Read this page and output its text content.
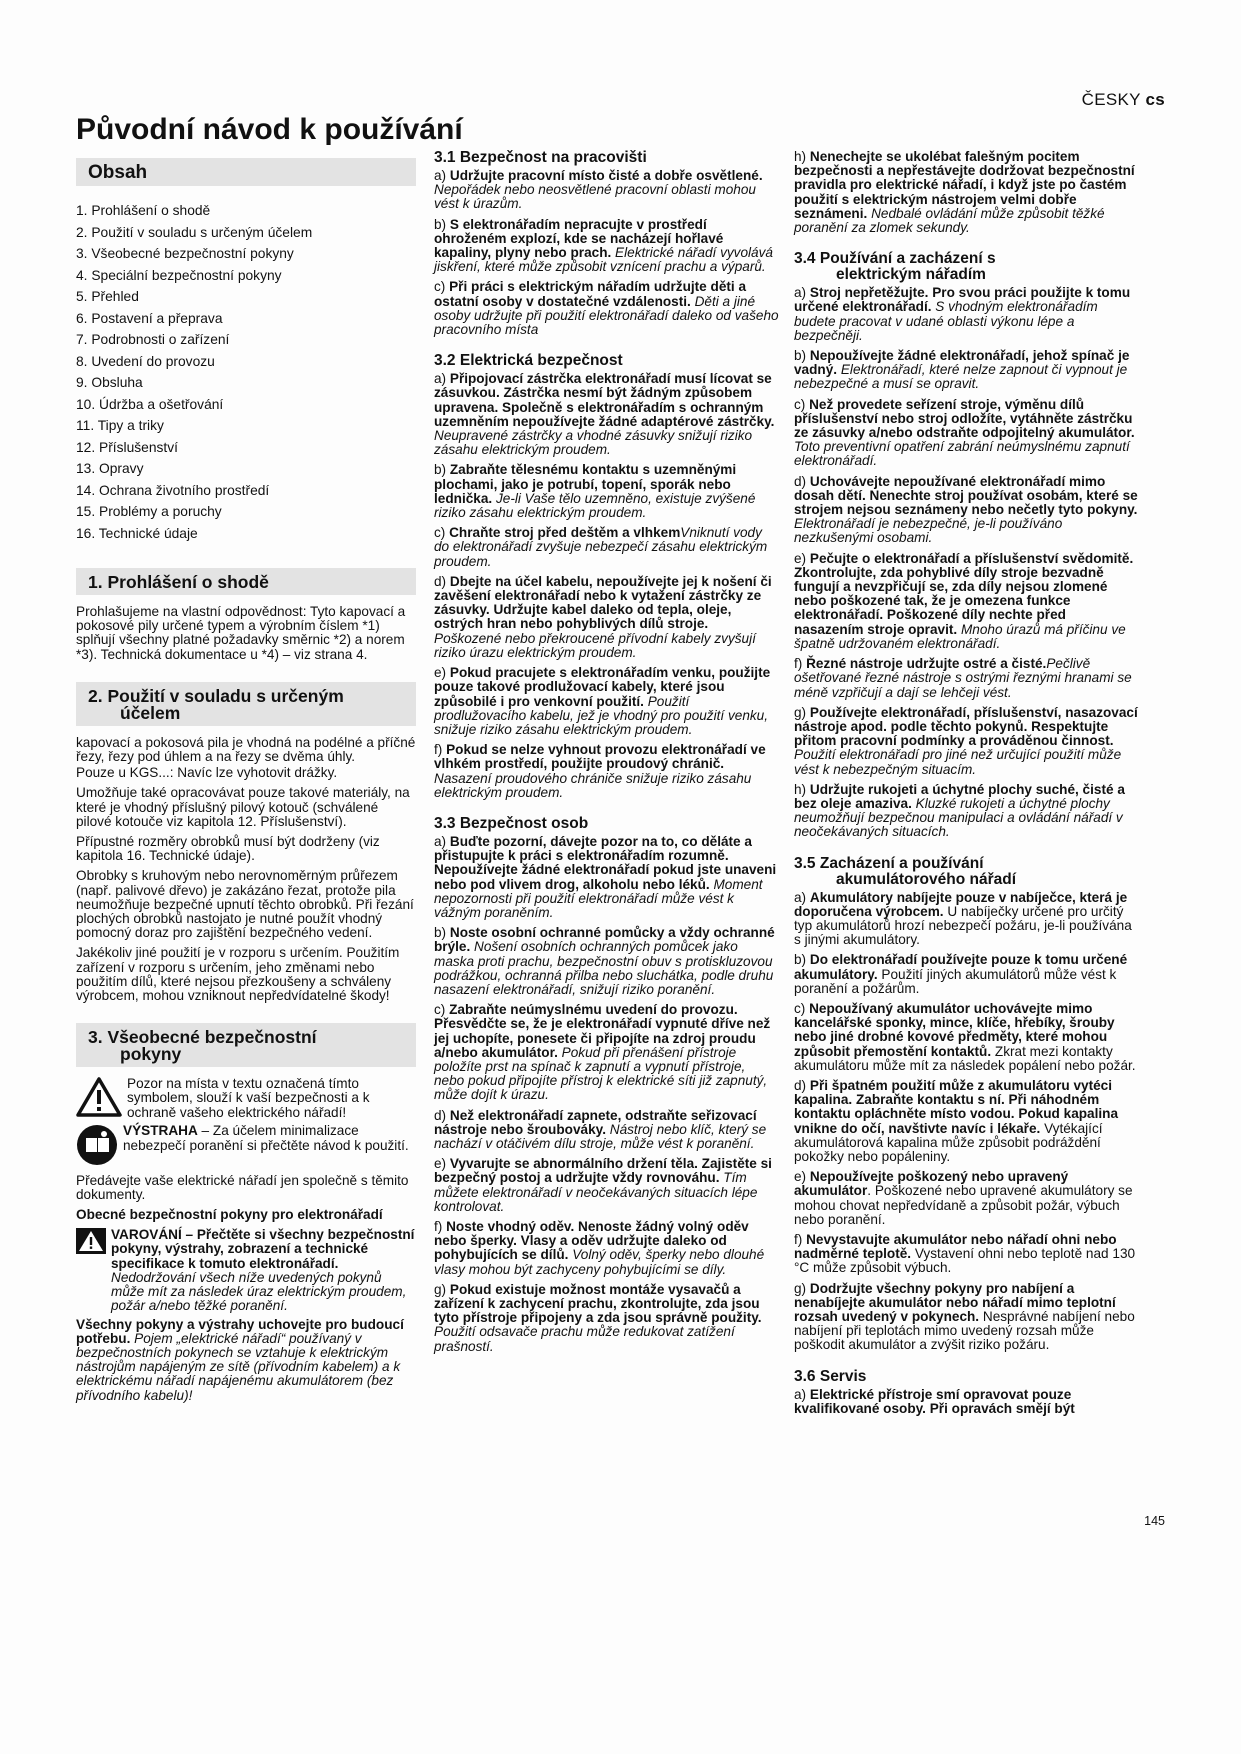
ČESKY cs
Původní návod k používání
Obsah
1. Prohlášení o shodě
2. Použití v souladu s určeným účelem
3. Všeobecné bezpečnostní pokyny
4. Speciální bezpečnostní pokyny
5. Přehled
6. Postavení a přeprava
7. Podrobnosti o zařízení
8. Uvedení do provozu
9. Obsluha
10. Údržba a ošetřování
11. Tipy a triky
12. Příslušenství
13. Opravy
14. Ochrana životního prostředí
15. Problémy a poruchy
16. Technické údaje
1. Prohlášení o shodě

Prohlašujeme na vlastní odpovědnost: Tyto kapovací a pokosové pily určené typem a výrobním číslem *1) splňují všechny platné požadavky směrnic *2) a norem *3). Technická dokumentace u *4) – viz strana 4.

2. Použití v souladu s určeným
účelem

kapovací a pokosová pila je vhodná na podélné a příčné řezy, řezy pod úhlem a na řezy se dvěma úhly.

Pouze u KGS...: Navíc lze vyhotovit drážky.

Umožňuje také opracovávat pouze takové materiály, na které je vhodný příslušný pilový kotouč (schválené pilové kotouče viz kapitola 12. Příslušenství).

Přípustné rozměry obrobků musí být dodrženy (viz kapitola 16. Technické údaje).

Obrobky s kruhovým nebo nerovnoměrným průřezem (např. palivové dřevo) je zakázáno řezat, protože pila neumožňuje bezpečné upnutí těchto obrobků. Při řezání plochých obrobků nastojato je nutné použít vhodný pomocný doraz pro zajištění bezpečného vedení.

Jakékoliv jiné použití je v rozporu s určením. Použitím zařízení v rozporu s určením, jeho změnami nebo použitím dílů, které nejsou přezkoušeny a schváleny výrobcem, mohou vzniknout nepředvídatelné škody!

3. Všeobecné bezpečnostní
pokyny
Pozor na místa v textu označená tímto symbolem, slouží k vaší bezpečnosti a k ochraně vašeho elektrického nářadí!
VÝSTRAHA – Za účelem minimalizace nebezpečí poranění si přečtěte návod k použití.

Předávejte vaše elektrické nářadí jen společně s těmito dokumenty.

Obecné bezpečnostní pokyny pro elektronářadí

VAROVÁNÍ – Přečtěte si všechny bezpečnostní pokyny, výstrahy, zobrazení a technické specifikace k tomuto elektronářadí. Nedodržování všech níže uvedených pokynů může mít za následek úraz elektrickým proudem, požár a/nebo těžké poranění.

Všechny pokyny a výstrahy uchovejte pro budoucí potřebu. Pojem „elektrické nářadí“ používaný v bezpečnostních pokynech se vztahuje k elektrickým nástrojům napájeným ze sítě (přívodním kabelem) a k elektrickému nářadí napájenému akumulátorem (bez přívodního kabelu)!

3.1 Bezpečnost na pracovišti

a) Udržujte pracovní místo čisté a dobře osvětlené. Nepořádek nebo neosvětlené pracovní oblasti mohou vést k úrazům.

b) S elektronářadím nepracujte v prostředí ohroženém explozí, kde se nacházejí hořlavé kapaliny, plyny nebo prach. Elektrické nářadí vyvolává jiskření, které může způsobit vznícení prachu a výparů.

c) Při práci s elektrickým nářadím udržujte děti a ostatní osoby v dostatečné vzdálenosti. Děti a jiné osoby udržujte při použití elektronářadí daleko od vašeho pracovního místa

3.2 Elektrická bezpečnost

a) Připojovací zástrčka elektronářadí musí lícovat se zásuvkou. Zástrčka nesmí být žádným způsobem upravena. Společně s elektronářadím s ochranným uzemněním nepoužívejte žádné adaptérové zástrčky. Neupravené zástrčky a vhodné zásuvky snižují riziko zásahu elektrickým proudem.

b) Zabraňte tělesnému kontaktu s uzemněnými plochami, jako je potrubí, topení, sporák nebo lednička. Je-li Vaše tělo uzemněno, existuje zvýšené riziko zásahu elektrickým proudem.

c) Chraňte stroj před deštěm a vlhkemVniknutí vody do elektronářadí zvyšuje nebezpečí zásahu elektrickým proudem.

d) Dbejte na účel kabelu, nepoužívejte jej k nošení či zavěšení elektronářadí nebo k vytažení zástrčky ze zásuvky. Udržujte kabel daleko od tepla, oleje, ostrých hran nebo pohyblivých dílů stroje. Poškozené nebo překroucené přívodní kabely zvyšují riziko úrazu elektrickým proudem.

e) Pokud pracujete s elektronářadím venku, použijte pouze takové prodlužovací kabely, které jsou způsobilé i pro venkovní použití. Použití prodlužovacího kabelu, jež je vhodný pro použití venku, snižuje riziko zásahu elektrickým proudem.

f) Pokud se nelze vyhnout provozu elektronářadí ve vlhkém prostředí, použijte proudový chránič. Nasazení proudového chrániče snižuje riziko zásahu elektrickým proudem.

3.3 Bezpečnost osob

a) Buďte pozorní, dávejte pozor na to, co děláte a přistupujte k práci s elektronářadím rozumně. Nepoužívejte žádné elektronářadí pokud jste unaveni nebo pod vlivem drog, alkoholu nebo léků. Moment nepozornosti při použití elektronářadí může vést k vážným poraněním.

b) Noste osobní ochranné pomůcky a vždy ochranné brýle. Nošení osobních ochranných pomůcek jako maska proti prachu, bezpečnostní obuv s protiskluzovou podrážkou, ochranná přilba nebo sluchátka, podle druhu nasazení elektronářadí, snižují riziko poranění.

c) Zabraňte neúmyslnému uvedení do provozu. Přesvědčte se, že je elektronářadí vypnuté dříve než jej uchopíte, ponesete či připojíte na zdroj proudu a/nebo akumulátor. Pokud při přenášení přístroje položíte prst na spínač k zapnutí a vypnutí přístroje, nebo pokud připojíte přístroj k elektrické síti již zapnutý, může dojít k úrazu.

d) Než elektronářadí zapnete, odstraňte seřizovací nástroje nebo šroubováky. Nástroj nebo klíč, který se nachází v otáčivém dílu stroje, může vést k poranění.

e) Vyvarujte se abnormálního držení těla. Zajistěte si bezpečný postoj a udržujte vždy rovnováhu. Tím můžete elektronářadí v neočekávaných situacích lépe kontrolovat.

f) Noste vhodný oděv. Nenoste žádný volný oděv nebo šperky. Vlasy a oděv udržujte daleko od pohybujících se dílů. Volný oděv, šperky nebo dlouhé vlasy mohou být zachyceny pohybujícími se díly.

g) Pokud existuje možnost montáže vysavačů a zařízení k zachycení prachu, zkontrolujte, zda jsou tyto přístroje připojeny a zda jsou správně použity. Použití odsavače prachu může redukovat zatížení prašností.

h) Nenechejte se ukolébat falešným pocitem bezpečnosti a nepřestávejte dodržovat bezpečnostní pravidla pro elektrické nářadí, i když jste po častém použití s elektrickým nástrojem velmi dobře seznámeni. Nedbalé ovládání může způsobit těžké poranění za zlomek sekundy.

3.4 Používání a zacházení s
elektrickým nářadím

a) Stroj nepřetěžujte. Pro svou práci použijte k tomu určené elektronářadí. S vhodným elektronářadím budete pracovat v udané oblasti výkonu lépe a bezpečněji.

b) Nepoužívejte žádné elektronářadí, jehož spínač je vadný. Elektronářadí, které nelze zapnout či vypnout je nebezpečné a musí se opravit.

c) Než provedete seřízení stroje, výměnu dílů příslušenství nebo stroj odložíte, vytáhněte zástrčku ze zásuvky a/nebo odstraňte odpojitelný akumulátor. Toto preventivní opatření zabrání neúmyslnému zapnutí elektronářadí.

d) Uchovávejte nepoužívané elektronářadí mimo dosah dětí. Nenechte stroj používat osobám, které se strojem nejsou seznámeny nebo nečetly tyto pokyny. Elektronářadí je nebezpečné, je-li používáno nezkušenými osobami.

e) Pečujte o elektronářadí a příslušenství svědomitě. Zkontrolujte, zda pohyblivé díly stroje bezvadně fungují a nevzpřičují se, zda díly nejsou zlomené nebo poškozené tak, že je omezena funkce elektronářadí. Poškozené díly nechte před nasazením stroje opravit. Mnoho úrazů má příčinu ve špatně udržovaném elektronářadí.

f) Řezné nástroje udržujte ostré a čisté.Pečlivě ošetřované řezné nástroje s ostrými řeznými hranami se méně vzpřičují a dají se lehčeji vést.

g) Používejte elektronářadí, příslušenství, nasazovací nástroje apod. podle těchto pokynů. Respektujte přitom pracovní podmínky a prováděnou činnost. Použití elektronářadí pro jiné než určující použití může vést k nebezpečným situacím.

h) Udržujte rukojeti a úchytné plochy suché, čisté a bez oleje amaziva. Kluzké rukojeti a úchytné plochy neumožňují bezpečnou manipulaci a ovládání nářadí v neočekávaných situacích.

3.5 Zacházení a používání
akumulátorového nářadí

a) Akumulátory nabíjejte pouze v nabíječce, která je doporučena výrobcem. U nabíječky určené pro určitý typ akumulátorů hrozí nebezpečí požáru, je-li používána s jinými akumulátory.

b) Do elektronářadí používejte pouze k tomu určené akumulátory. Použití jiných akumulátorů může vést k poranění a požárům.

c) Nepoužívaný akumulátor uchovávejte mimo kancelářské sponky, mince, klíče, hřebíky, šrouby nebo jiné drobné kovové předměty, které mohou způsobit přemostění kontaktů. Zkrat mezi kontakty akumulátoru může mít za následek popálení nebo požár.

d) Při špatném použití může z akumulátoru vytéci kapalina. Zabraňte kontaktu s ní. Při náhodném kontaktu opláchněte místo vodou. Pokud kapalina vnikne do očí, navštivte navíc i lékaře. Vytékající akumulátorová kapalina může způsobit podráždění pokožky nebo popáleniny.

e) Nepoužívejte poškozený nebo upravený akumulátor. Poškozené nebo upravené akumulátory se mohou chovat nepředvídaně a způsobit požár, výbuch nebo poranění.

f) Nevystavujte akumulátor nebo nářadí ohni nebo nadměrné teplotě. Vystavení ohni nebo teplotě nad 130 °C může způsobit výbuch.

g) Dodržujte všechny pokyny pro nabíjení a nenabíjejte akumulátor nebo nářadí mimo teplotní rozsah uvedený v pokynech. Nesprávné nabíjení nebo nabíjení při teplotách mimo uvedený rozsah může poškodit akumulátor a zvýšit riziko požáru.

3.6 Servis

a) Elektrické přístroje smí opravovat pouze kvalifikované osoby. Při opravách smějí být

145
